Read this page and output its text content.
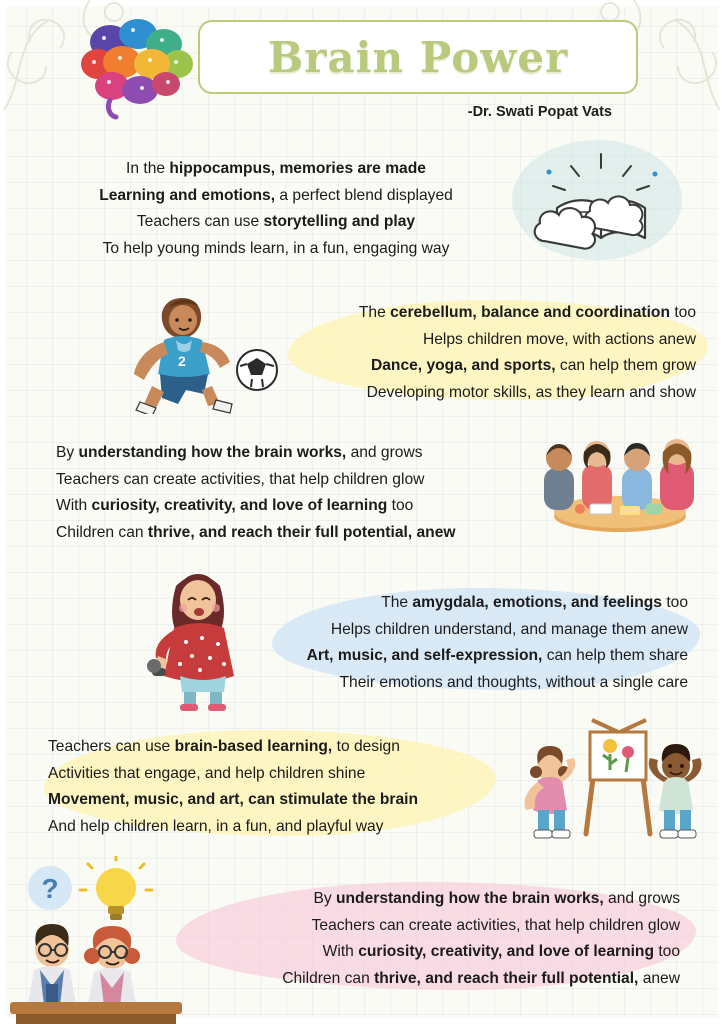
Brain Power
-Dr. Swati Popat Vats
In the hippocampus, memories are made
Learning and emotions, a perfect blend displayed
Teachers can use storytelling and play
To help young minds learn, in a fun, engaging way
2
The cerebellum, balance and coordination too
Helps children move, with actions anew
Dance, yoga, and sports, can help them grow
Developing motor skills, as they learn and show
By understanding how the brain works, and grows
Teachers can create activities, that help children glow
With curiosity, creativity, and love of learning too
Children can thrive, and reach their full potential, anew
The amygdala, emotions, and feelings too
Helps children understand, and manage them anew
Art, music, and self-expression, can help them share
Their emotions and thoughts, without a single care
Teachers can use brain-based learning, to design
Activities that engage, and help children shine
Movement, music, and art, can stimulate the brain
And help children learn, in a fun, and playful way
?	By understanding how the brain works, and grows
Teachers can create activities, that help children glow
With curiosity, creativity, and love of learning too
Children can thrive, and reach their full potential, anew
